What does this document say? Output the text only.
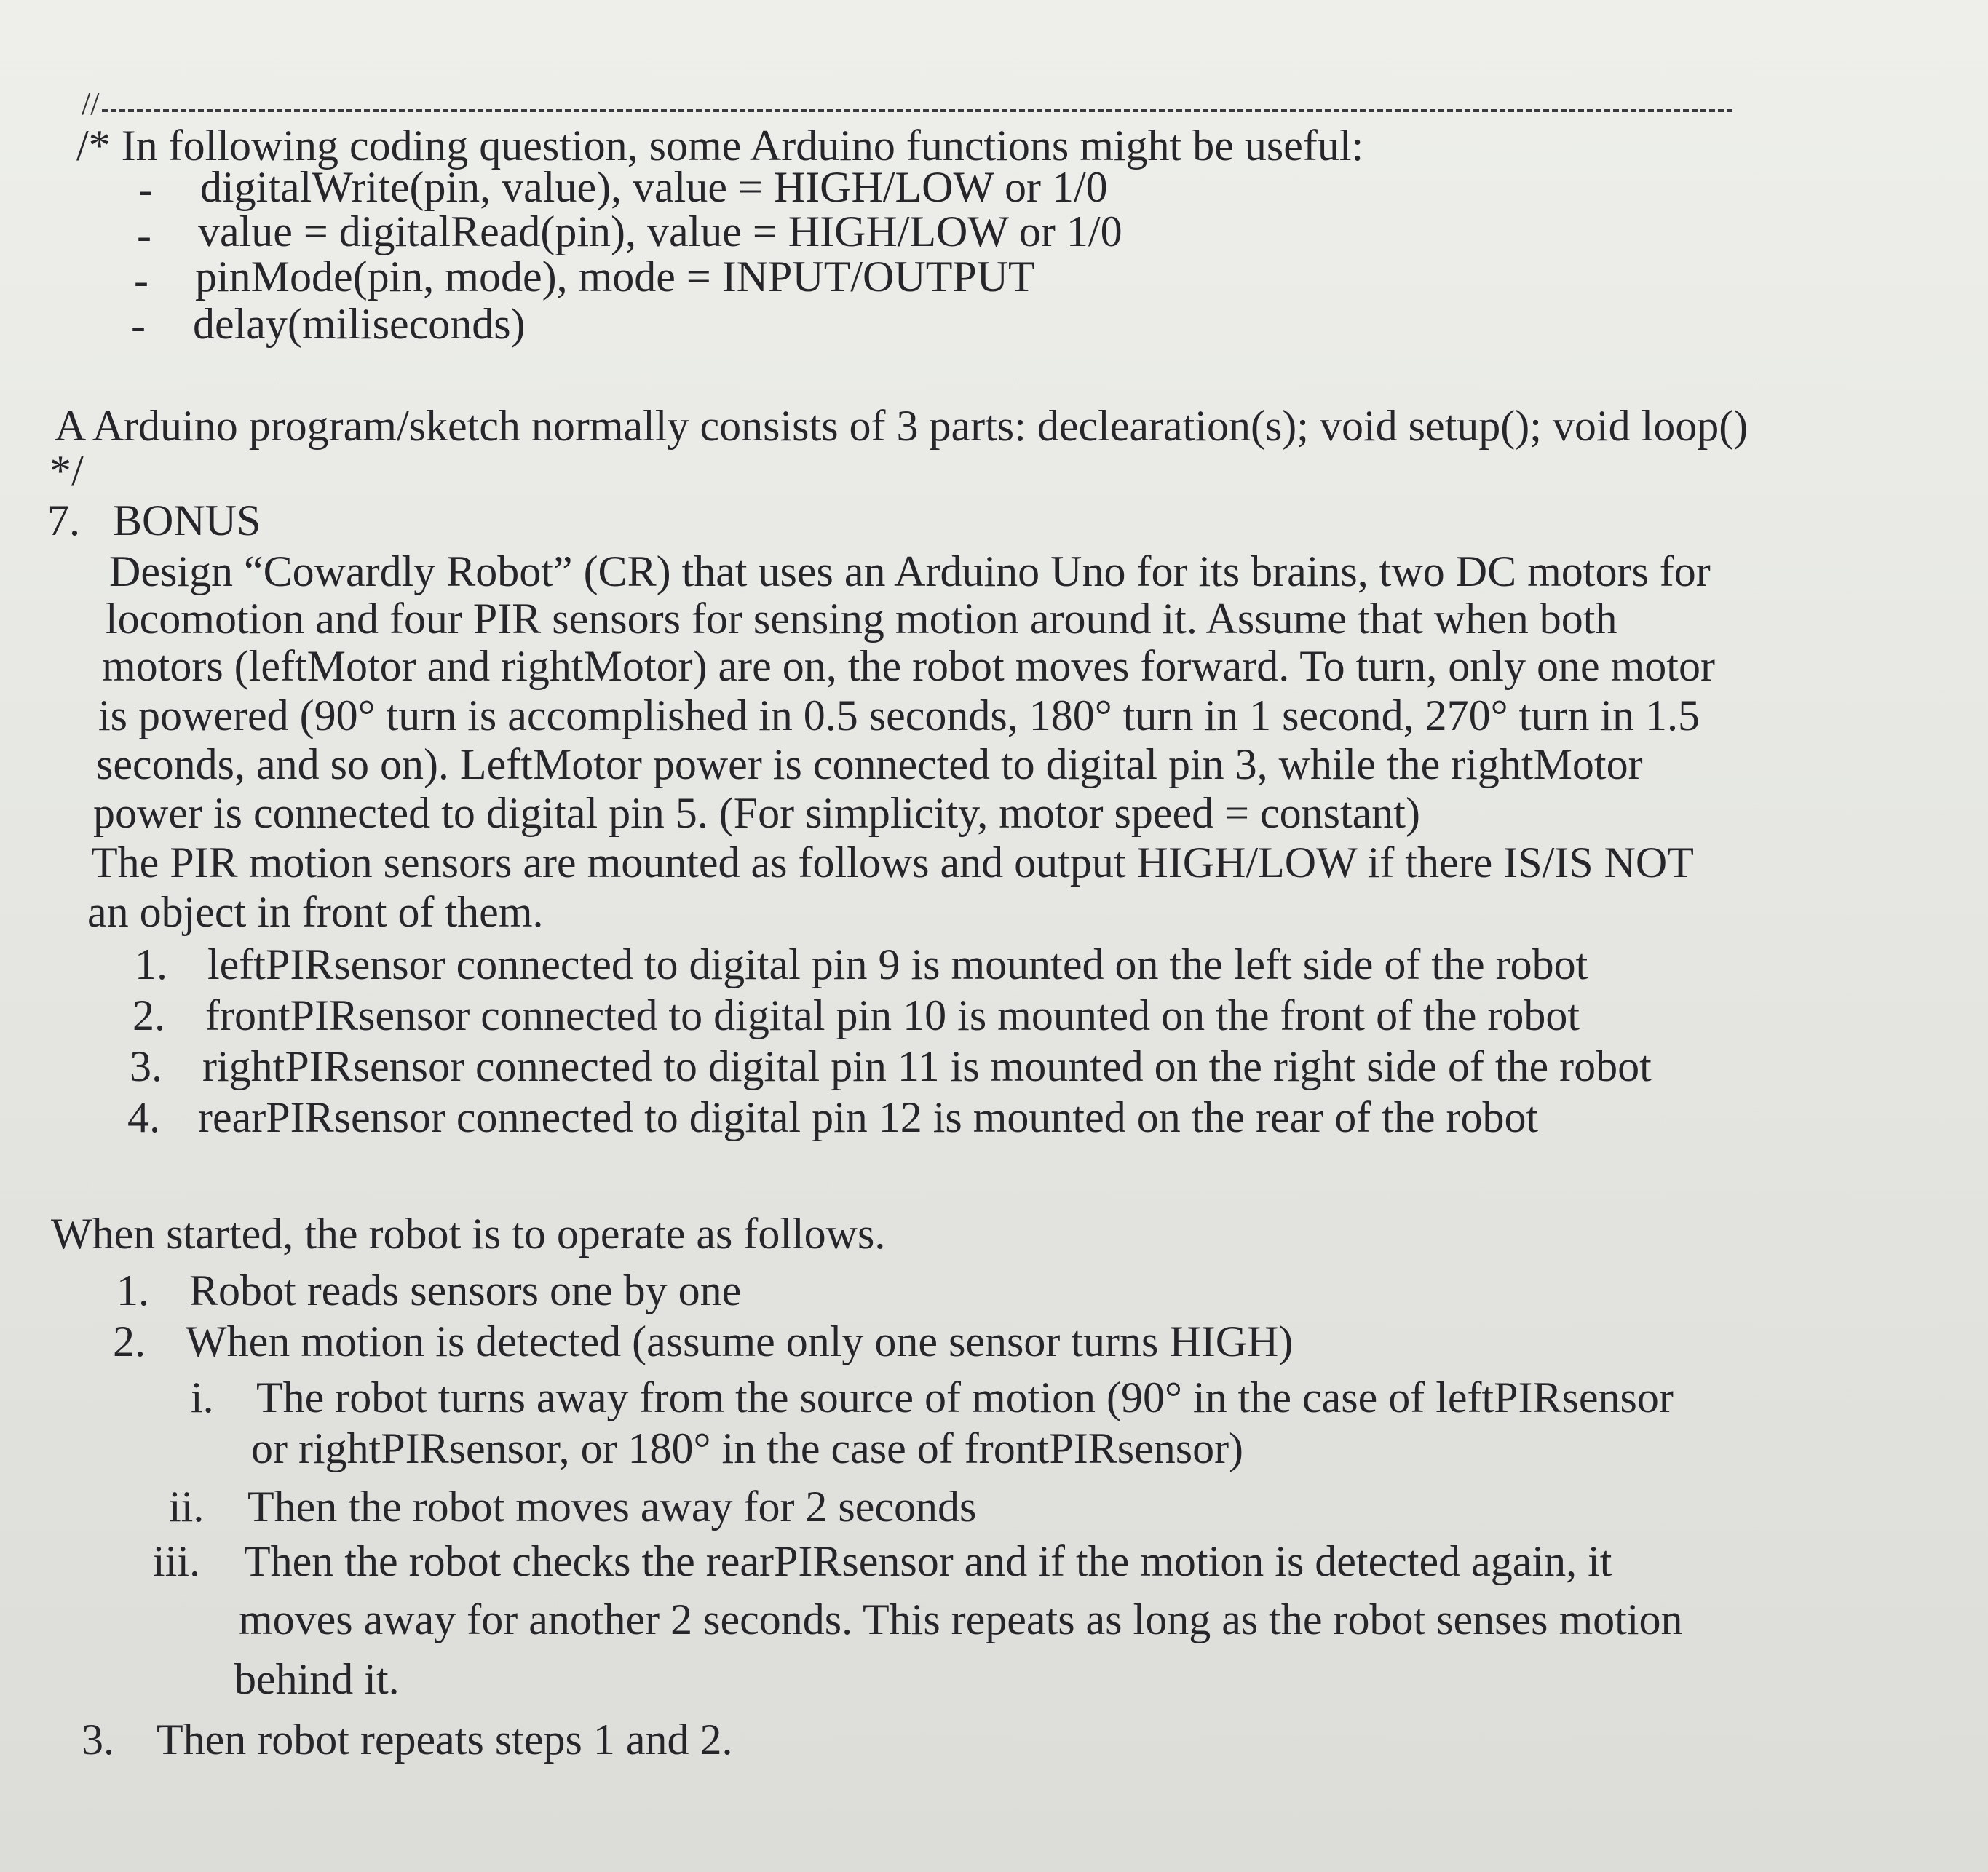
//
/* In following coding question, some Arduino functions might be useful:
- digitalWrite(pin, value), value = HIGH/LOW or 1/0
- value = digitalRead(pin), value = HIGH/LOW or 1/0
- pinMode(pin, mode), mode = INPUT/OUTPUT
- delay(miliseconds)
A Arduino program/sketch normally consists of 3 parts: declearation(s); void setup(); void loop()
*/
7. BONUS
Design “Cowardly Robot” (CR) that uses an Arduino Uno for its brains, two DC motors for
locomotion and four PIR sensors for sensing motion around it. Assume that when both
motors (leftMotor and rightMotor) are on, the robot moves forward. To turn, only one motor
is powered (90° turn is accomplished in 0.5 seconds, 180° turn in 1 second, 270° turn in 1.5
seconds, and so on). LeftMotor power is connected to digital pin 3, while the rightMotor
power is connected to digital pin 5. (For simplicity, motor speed = constant)
The PIR motion sensors are mounted as follows and output HIGH/LOW if there IS/IS NOT
an object in front of them.
1. leftPIRsensor connected to digital pin 9 is mounted on the left side of the robot
2. frontPIRsensor connected to digital pin 10 is mounted on the front of the robot
3. rightPIRsensor connected to digital pin 11 is mounted on the right side of the robot
4. rearPIRsensor connected to digital pin 12 is mounted on the rear of the robot
When started, the robot is to operate as follows.
1. Robot reads sensors one by one
2. When motion is detected (assume only one sensor turns HIGH)
i. The robot turns away from the source of motion (90° in the case of leftPIRsensor
or rightPIRsensor, or 180° in the case of frontPIRsensor)
ii. Then the robot moves away for 2 seconds
iii. Then the robot checks the rearPIRsensor and if the motion is detected again, it
moves away for another 2 seconds. This repeats as long as the robot senses motion
behind it.
3. Then robot repeats steps 1 and 2.
